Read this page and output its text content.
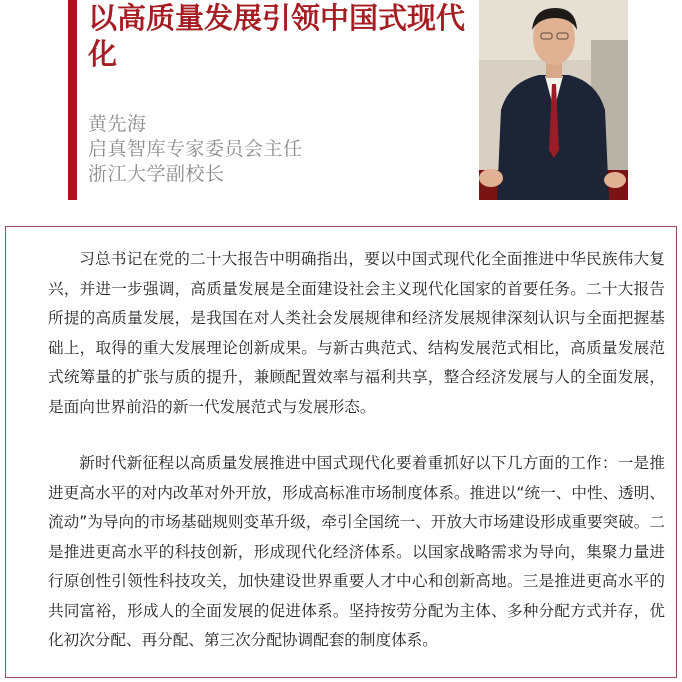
以高质量发展引领中国式现代化
黄先海
启真智库专家委员会主任
浙江大学副校长

习总书记在党的二十大报告中明确指出，要以中国式现代化全面推进中华民族伟大复兴，并进一步强调，高质量发展是全面建设社会主义现代化国家的首要任务。二十大报告所提的高质量发展，是我国在对人类社会发展规律和经济发展规律深刻认识与全面把握基础上，取得的重大发展理论创新成果。与新古典范式、结构发展范式相比，高质量发展范式统筹量的扩张与质的提升，兼顾配置效率与福利共享，整合经济发展与人的全面发展，是面向世界前沿的新一代发展范式与发展形态。

新时代新征程以高质量发展推进中国式现代化要着重抓好以下几方面的工作：一是推进更高水平的对内改革对外开放，形成高标准市场制度体系。推进以“统一、中性、透明、流动”为导向的市场基础规则变革升级，牵引全国统一、开放大市场建设形成重要突破。二是推进更高水平的科技创新，形成现代化经济体系。以国家战略需求为导向，集聚力量进行原创性引领性科技攻关，加快建设世界重要人才中心和创新高地。三是推进更高水平的共同富裕，形成人的全面发展的促进体系。坚持按劳分配为主体、多种分配方式并存，优化初次分配、再分配、第三次分配协调配套的制度体系。
